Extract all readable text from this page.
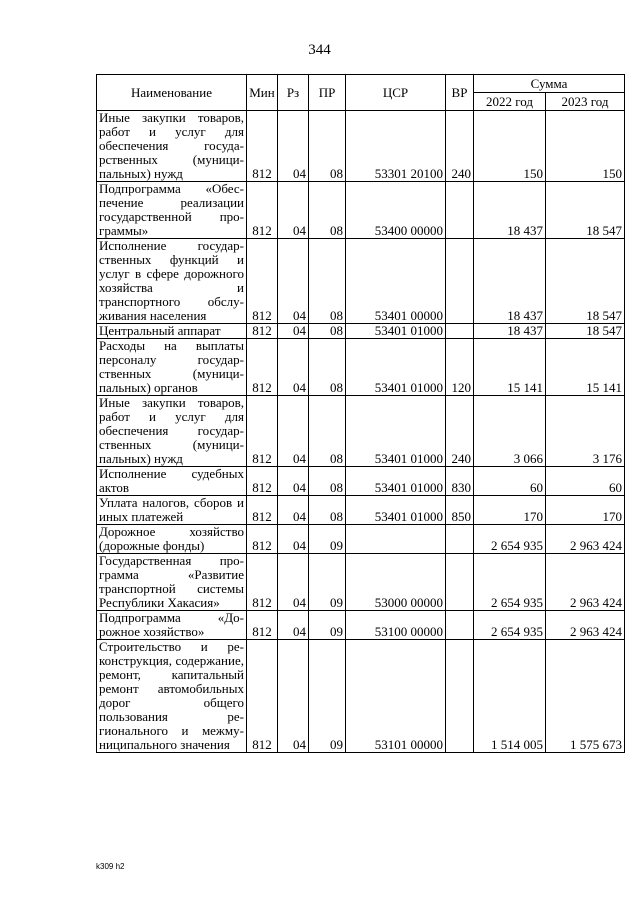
344
Наименование	Мин	Рз	ПР	ЦСР	ВР	Сумма	
						2022 год	2023 год
Иные закупки товаров, работ и услуг для обеспечения государственных (муниципальных) нужд	812	04	08	53301 20100	240	150	150
Подпрограмма «Обеспечение реализации государственной программы»	812	04	08	53400 00000		18 437	18 547
Исполнение государственных функций и услуг в сфере дорожного хозяйства и транспортного обслуживания населения	812	04	08	53401 00000		18 437	18 547
Центральный аппарат	812	04	08	53401 01000		18 437	18 547
Расходы на выплаты персоналу государственных (муниципальных) органов	812	04	08	53401 01000	120	15 141	15 141
Иные закупки товаров, работ и услуг для обеспечения государственных (муниципальных) нужд	812	04	08	53401 01000	240	3 066	3 176
Исполнение судебных актов	812	04	08	53401 01000	830	60	60
Уплата налогов, сборов и иных платежей	812	04	08	53401 01000	850	170	170
Дорожное хозяйство (дорожные фонды)	812	04	09			2 654 935	2 963 424
Государственная программа «Развитие транспортной системы Республики Хакасия»	812	04	09	53000 00000		2 654 935	2 963 424
Подпрограмма «Дорожное хозяйство»	812	04	09	53100 00000		2 654 935	2 963 424
Строительство и реконструкция, содержание, ремонт, капитальный ремонт автомобильных дорог общего пользования регионального и межмуниципального значения	812	04	09	53101 00000		1 514 005	1 575 673
k309 h2
